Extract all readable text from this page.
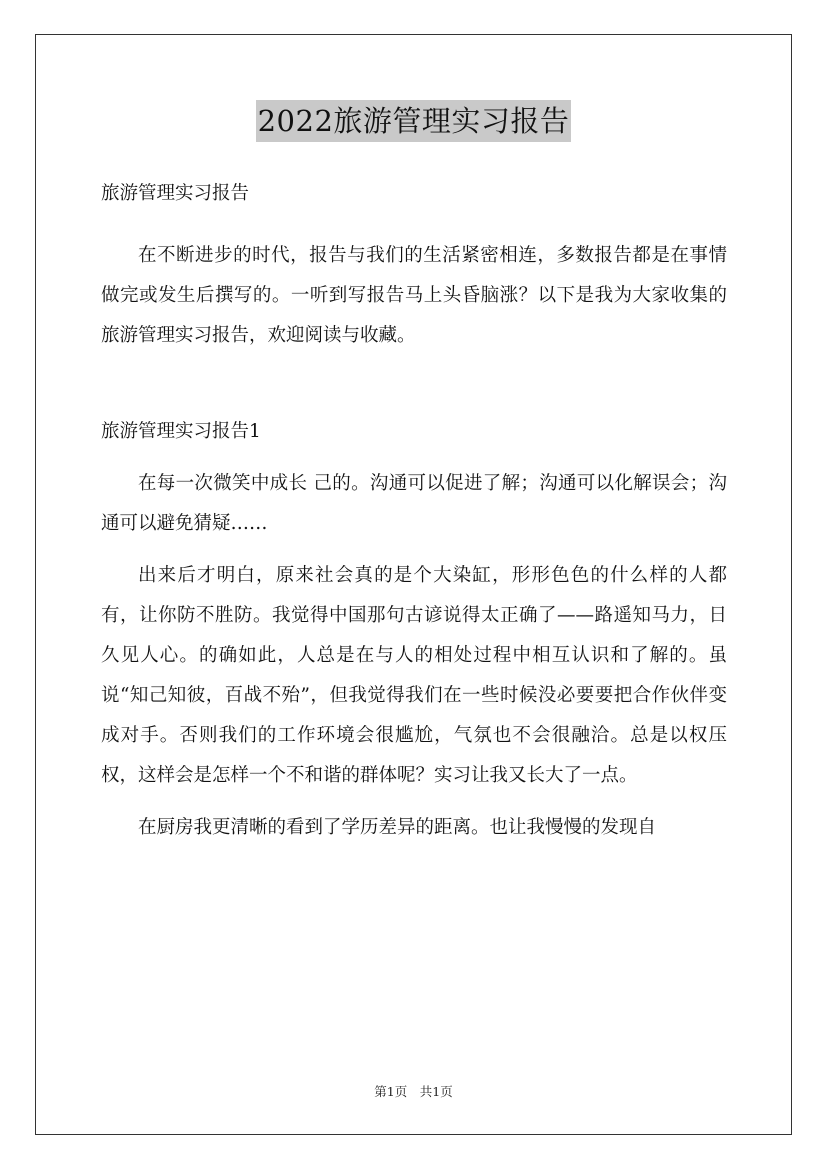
2022旅游管理实习报告

旅游管理实习报告

在不断进步的时代，报告与我们的生活紧密相连，多数报告都是在事情做完或发生后撰写的。一听到写报告马上头昏脑涨？以下是我为大家收集的旅游管理实习报告，欢迎阅读与收藏。

旅游管理实习报告1

在每一次微笑中成长 己的。沟通可以促进了解；沟通可以化解误会；沟通可以避免猜疑……

出来后才明白，原来社会真的是个大染缸，形形色色的什么样的人都有，让你防不胜防。我觉得中国那句古谚说得太正确了——路遥知马力，日久见人心。的确如此，人总是在与人的相处过程中相互认识和了解的。虽说“知己知彼，百战不殆”，但我觉得我们在一些时候没必要要把合作伙伴变成对手。否则我们的工作环境会很尴尬，气氛也不会很融洽。总是以权压权，这样会是怎样一个不和谐的群体呢？实习让我又长大了一点。

在厨房我更清晰的看到了学历差异的距离。也让我慢慢的发现自

第1页　共1页
